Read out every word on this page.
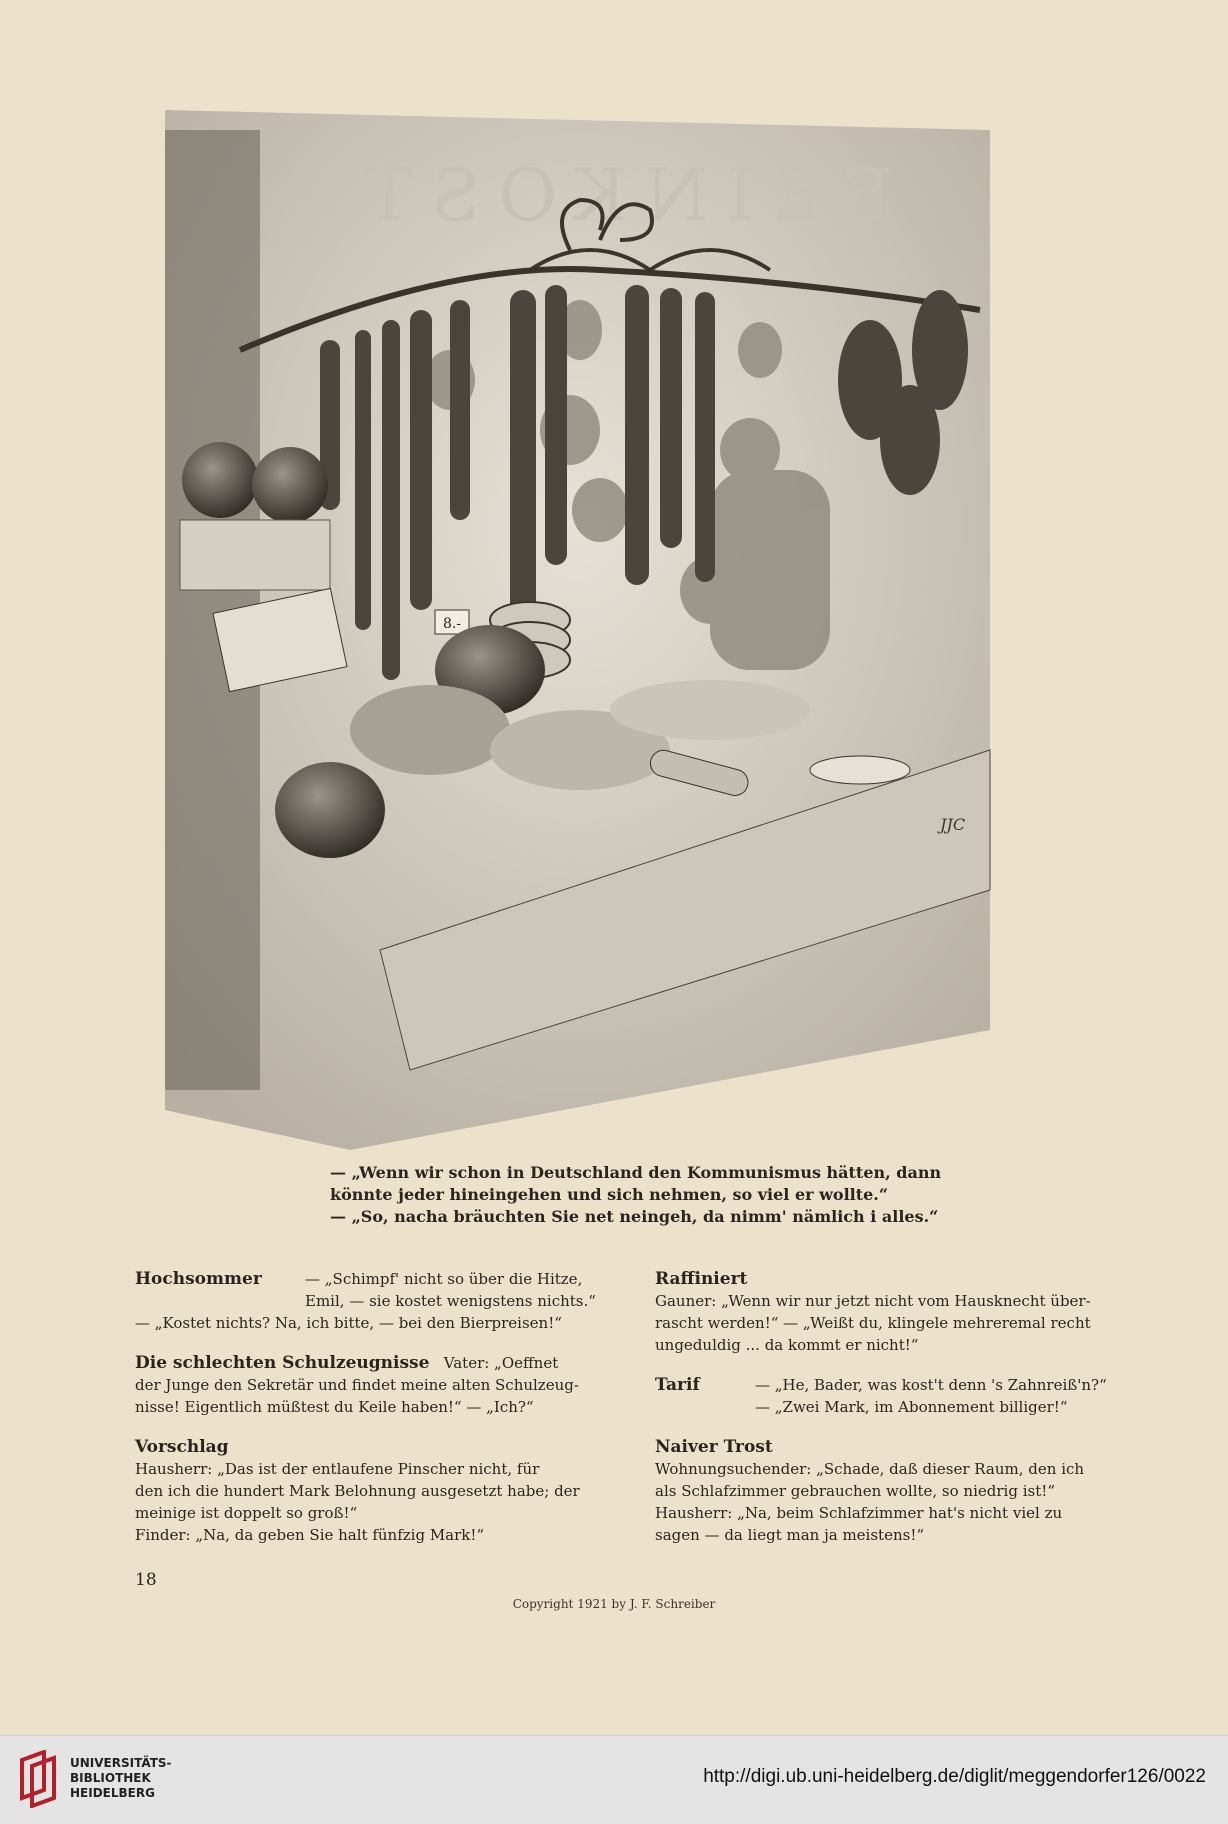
FEINKOST
8.-
JJC
— „Wenn wir schon in Deutschland den Kommunismus hätten, dann
könnte jeder hineingehen und sich nehmen, so viel er wollte.“
— „So, nacha bräuchten Sie net neingeh, da nimm' nämlich i alles.“
Hochsommer	— „Schimpf' nicht so über die Hitze,
Emil, — sie kostet wenigstens nichts.“
— „Kostet nichts? Na, ich bitte, — bei den Bierpreisen!“
Die schlechten Schulzeugnisse Vater: „Oeffnet
der Junge den Sekretär und findet meine alten Schulzeug-
nisse! Eigentlich müßtest du Keile haben!“ — „Ich?“
Vorschlag
Hausherr: „Das ist der entlaufene Pinscher nicht, für
den ich die hundert Mark Belohnung ausgesetzt habe; der
meinige ist doppelt so groß!“
Finder: „Na, da geben Sie halt fünfzig Mark!“
Raffiniert
Gauner: „Wenn wir nur jetzt nicht vom Hausknecht über-
rascht werden!“ — „Weißt du, klingele mehreremal recht
ungeduldig ... da kommt er nicht!“
Tarif	— „He, Bader, was kost't denn 's Zahnreiß'n?“
— „Zwei Mark, im Abonnement billiger!“
Naiver Trost
Wohnungsuchender: „Schade, daß dieser Raum, den ich
als Schlafzimmer gebrauchen wollte, so niedrig ist!“
Hausherr: „Na, beim Schlafzimmer hat's nicht viel zu
sagen — da liegt man ja meistens!“
18
Copyright 1921 by J. F. Schreiber
UNIVERSITÄTS-
BIBLIOTHEK
HEIDELBERG
http://digi.ub.uni-heidelberg.de/diglit/meggendorfer126/0022
